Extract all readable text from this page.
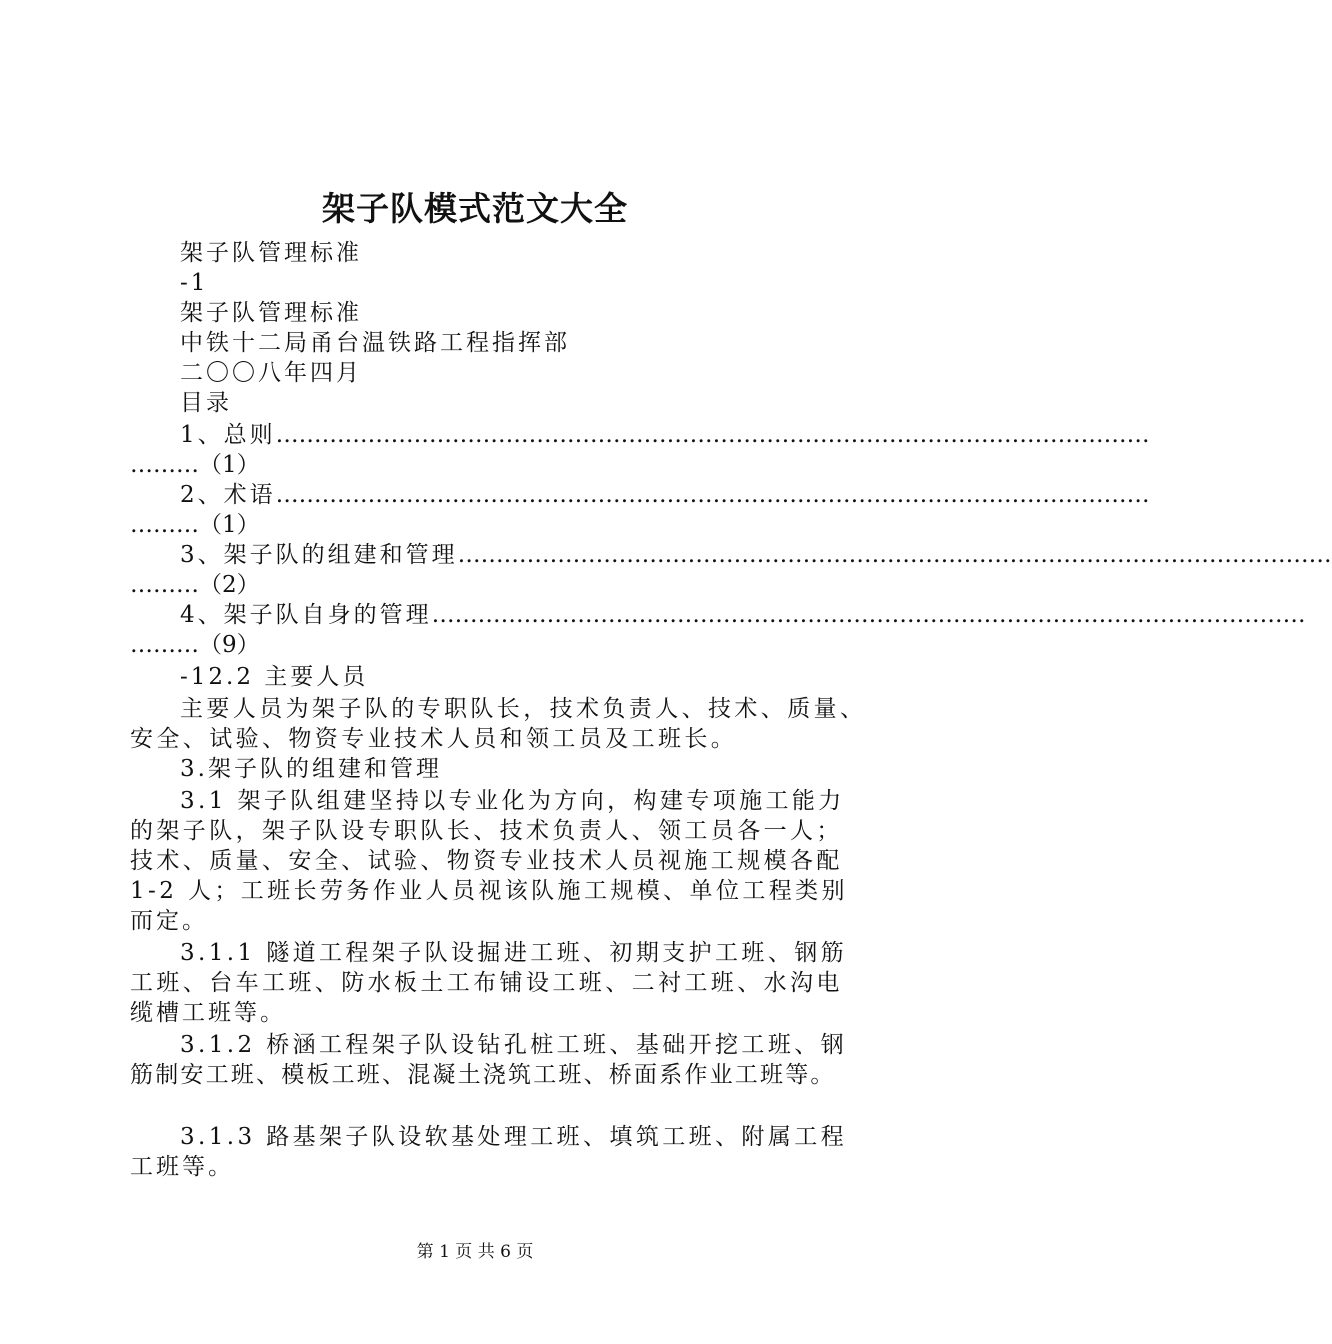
架子队模式范文大全
架子队管理标准
-1
架子队管理标准
中铁十二局甬台温铁路工程指挥部
二〇〇八年四月
目录
1、总则……………………………………………………………………………………………………
………（1）
2、术语……………………………………………………………………………………………………
………（1）
3、架子队的组建和管理……………………………………………………………………………………………………
………（2）
4、架子队自身的管理……………………………………………………………………………………………………
………（9）
-12.2 主要人员
主要人员为架子队的专职队长，技术负责人、技术、质量、
安全、试验、物资专业技术人员和领工员及工班长。
3.架子队的组建和管理
3.1 架子队组建坚持以专业化为方向，构建专项施工能力
的架子队，架子队设专职队长、技术负责人、领工员各一人；
技术、质量、安全、试验、物资专业技术人员视施工规模各配
1-2 人；工班长劳务作业人员视该队施工规模、单位工程类别
而定。
3.1.1 隧道工程架子队设掘进工班、初期支护工班、钢筋
工班、台车工班、防水板土工布铺设工班、二衬工班、水沟电
缆槽工班等。
3.1.2 桥涵工程架子队设钻孔桩工班、基础开挖工班、钢
筋制安工班、模板工班、混凝土浇筑工班、桥面系作业工班等。
3.1.3 路基架子队设软基处理工班、填筑工班、附属工程
工班等。
第 1 页 共 6 页
